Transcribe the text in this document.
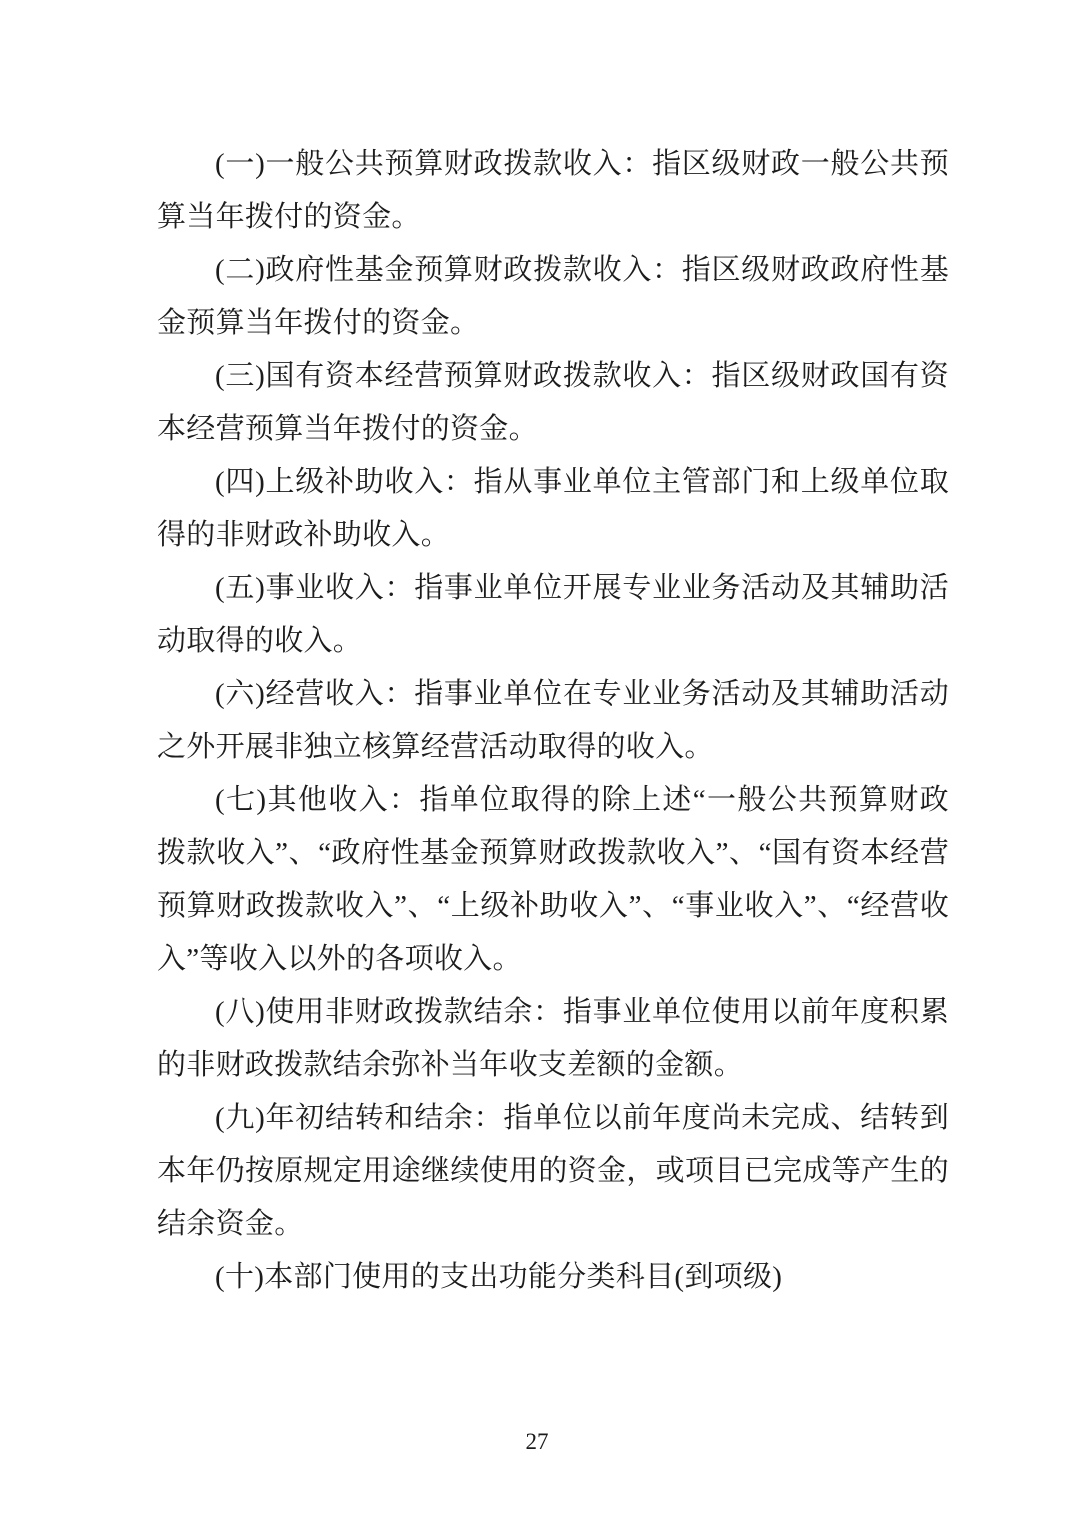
(一)一般公共预算财政拨款收入：指区级财政一般公共预算当年拨付的资金。

(二)政府性基金预算财政拨款收入：指区级财政政府性基金预算当年拨付的资金。

(三)国有资本经营预算财政拨款收入：指区级财政国有资本经营预算当年拨付的资金。

(四)上级补助收入：指从事业单位主管部门和上级单位取得的非财政补助收入。

(五)事业收入：指事业单位开展专业业务活动及其辅助活动取得的收入。

(六)经营收入：指事业单位在专业业务活动及其辅助活动之外开展非独立核算经营活动取得的收入。

(七)其他收入：指单位取得的除上述“一般公共预算财政拨款收入”、“政府性基金预算财政拨款收入”、“国有资本经营预算财政拨款收入”、“上级补助收入”、“事业收入”、“经营收入”等收入以外的各项收入。

(八)使用非财政拨款结余：指事业单位使用以前年度积累的非财政拨款结余弥补当年收支差额的金额。

(九)年初结转和结余：指单位以前年度尚未完成、结转到本年仍按原规定用途继续使用的资金，或项目已完成等产生的结余资金。

(十)本部门使用的支出功能分类科目(到项级)

27
